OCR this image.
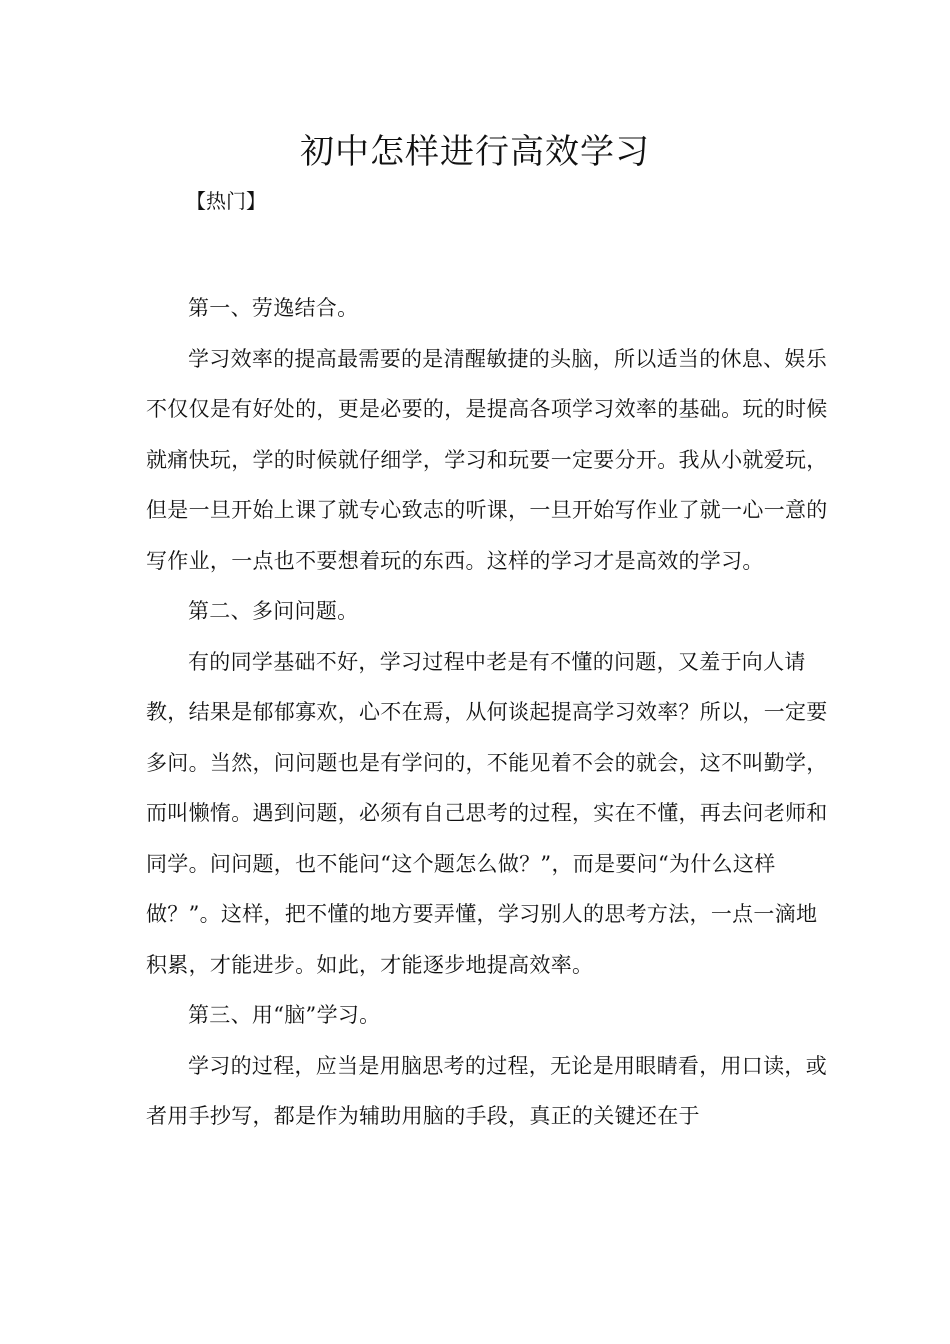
初中怎样进行高效学习
【热门】

第一、劳逸结合。

学习效率的提高最需要的是清醒敏捷的头脑，所以适当的休息、娱乐不仅仅是有好处的，更是必要的，是提高各项学习效率的基础。玩的时候就痛快玩，学的时候就仔细学，学习和玩要一定要分开。我从小就爱玩，但是一旦开始上课了就专心致志的听课，一旦开始写作业了就一心一意的写作业，一点也不要想着玩的东西。这样的学习才是高效的学习。

第二、多问问题。

有的同学基础不好，学习过程中老是有不懂的问题，又羞于向人请教，结果是郁郁寡欢，心不在焉，从何谈起提高学习效率？所以，一定要多问。当然，问问题也是有学问的，不能见着不会的就会，这不叫勤学，而叫懒惰。遇到问题，必须有自己思考的过程，实在不懂，再去问老师和同学。问问题，也不能问“这个题怎么做？”，而是要问“为什么这样做？”。这样，把不懂的地方要弄懂，学习别人的思考方法，一点一滴地积累，才能进步。如此，才能逐步地提高效率。

第三、用“脑”学习。

学习的过程，应当是用脑思考的过程，无论是用眼睛看，用口读，或者用手抄写，都是作为辅助用脑的手段，真正的关键还在于
